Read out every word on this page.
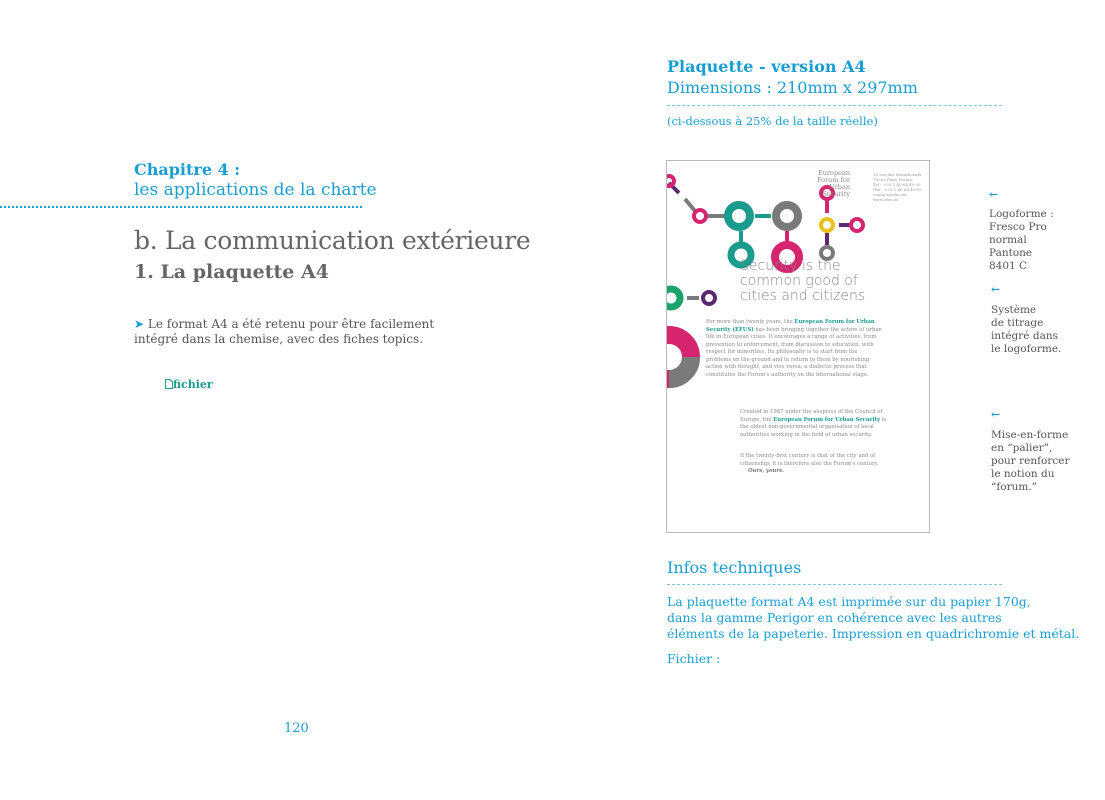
Chapitre 4 :
les applications de la charte
b. La communication extérieure
1. La plaquette A4
➤ Le format A4 a été retenu pour être facilement
intégré dans la chemise, avec des fiches topics.
fichier
120
Plaquette - version A4
Dimensions : 210mm x 297mm
(ci-dessous à 25% de la taille réelle)
European
Forum for
Urban
Security
10 rue des Montiboeufs
75020 Paris France
Tel : +33 1 40 64 49 00
Fax : +33 1 40 64 49 10
contact@efus.eu
www.efus.eu
Security is the
common good of
cities and citizens
For more than twenty years, the European Forum for Urban Security (EFUS) has been bringing together the actors of urban life in European cities. It encourages a range of activities, from prevention to enforcement, from discussion to education, with respect for minorities. Its philosophy is to start from the problems on the ground and to return to them by nourishing action with thought, and vice versa; a dialectic process that constitutes the Forum's authority on the international stage.
Created in 1987 under the auspices of the Council of Europe, the European Forum for Urban Security is the oldest non-governmental organisation of local authorities working in the field of urban security.
If the twenty-first century is that of the city and of citizenship, it is therefore also the Forum's century.
Ours, yours.
←
Logoforme :
Fresco Pro
normal
Pantone
8401 C
←
Système
de titrage
intégré dans
le logoforme.
←
Mise-en-forme
en “palier”,
pour renforcer
le notion du
“forum.”
Infos techniques
La plaquette format A4 est imprimée sur du papier 170g,
dans la gamme Perigor en cohérence avec les autres
éléments de la papeterie. Impression en quadrichromie et métal.
Fichier :
